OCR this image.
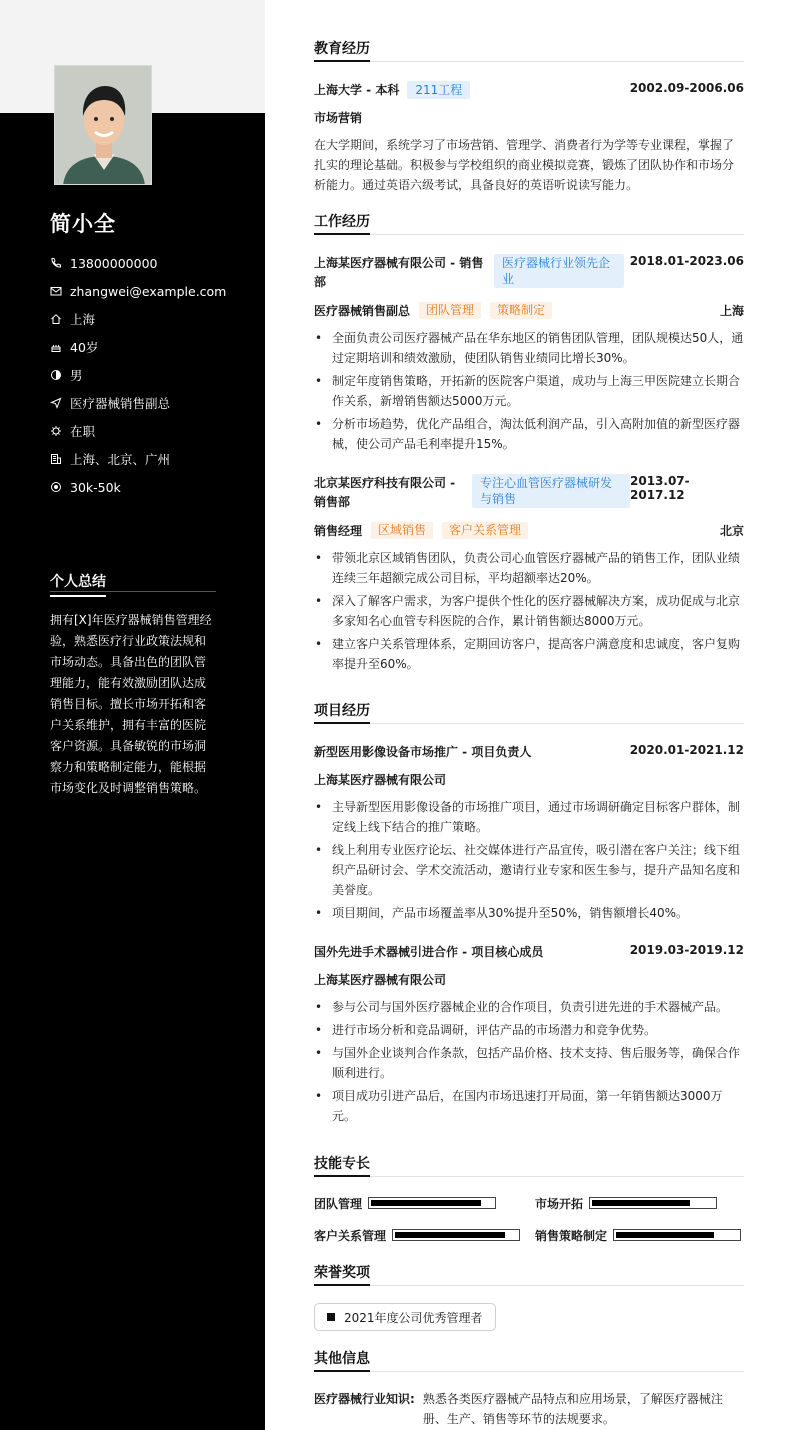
简小全
13800000000
zhangwei@example.com
上海
40岁
男
医疗器械销售副总
在职
上海、北京、广州
30k-50k
个人总结
拥有[X]年医疗器械销售管理经验，熟悉医疗行业政策法规和市场动态。具备出色的团队管理能力，能有效激励团队达成销售目标。擅长市场开拓和客户关系维护，拥有丰富的医院客户资源。具备敏锐的市场洞察力和策略制定能力，能根据市场变化及时调整销售策略。
教育经历
上海大学 - 本科	211工程	2002.09-2006.06
市场营销
在大学期间，系统学习了市场营销、管理学、消费者行为学等专业课程，掌握了扎实的理论基础。积极参与学校组织的商业模拟竞赛，锻炼了团队协作和市场分析能力。通过英语六级考试，具备良好的英语听说读写能力。
工作经历
上海某医疗器械有限公司 - 销售部
医疗器械行业领先企业
2018.01-2023.06
医疗器械销售副总	团队管理	策略制定	上海
• 全面负责公司医疗器械产品在华东地区的销售团队管理，团队规模达50人，通过定期培训和绩效激励，使团队销售业绩同比增长30%。
• 制定年度销售策略，开拓新的医院客户渠道，成功与上海三甲医院建立长期合作关系，新增销售额达5000万元。
• 分析市场趋势，优化产品组合，淘汰低利润产品，引入高附加值的新型医疗器械，使公司产品毛利率提升15%。
北京某医疗科技有限公司 - 销售部
专注心血管医疗器械研发与销售
2013.07-2017.12
销售经理	区域销售	客户关系管理	北京
• 带领北京区域销售团队，负责公司心血管医疗器械产品的销售工作，团队业绩连续三年超额完成公司目标，平均超额率达20%。
• 深入了解客户需求，为客户提供个性化的医疗器械解决方案，成功促成与北京多家知名心血管专科医院的合作，累计销售额达8000万元。
• 建立客户关系管理体系，定期回访客户，提高客户满意度和忠诚度，客户复购率提升至60%。
项目经历
新型医用影像设备市场推广 - 项目负责人	2020.01-2021.12
上海某医疗器械有限公司
• 主导新型医用影像设备的市场推广项目，通过市场调研确定目标客户群体，制定线上线下结合的推广策略。
• 线上利用专业医疗论坛、社交媒体进行产品宣传，吸引潜在客户关注；线下组织产品研讨会、学术交流活动，邀请行业专家和医生参与，提升产品知名度和美誉度。
• 项目期间，产品市场覆盖率从30%提升至50%，销售额增长40%。
国外先进手术器械引进合作 - 项目核心成员	2019.03-2019.12
上海某医疗器械有限公司
• 参与公司与国外医疗器械企业的合作项目，负责引进先进的手术器械产品。
• 进行市场分析和竞品调研，评估产品的市场潜力和竞争优势。
• 与国外企业谈判合作条款，包括产品价格、技术支持、售后服务等，确保合作顺利进行。
• 项目成功引进产品后，在国内市场迅速打开局面，第一年销售额达3000万元。
技能专长
团队管理	市场开拓
客户关系管理	销售策略制定
荣誉奖项
2021年度公司优秀管理者
其他信息
医疗器械行业知识: 熟悉各类医疗器械产品特点和应用场景，了解医疗器械注册、生产、销售等环节的法规要求。
